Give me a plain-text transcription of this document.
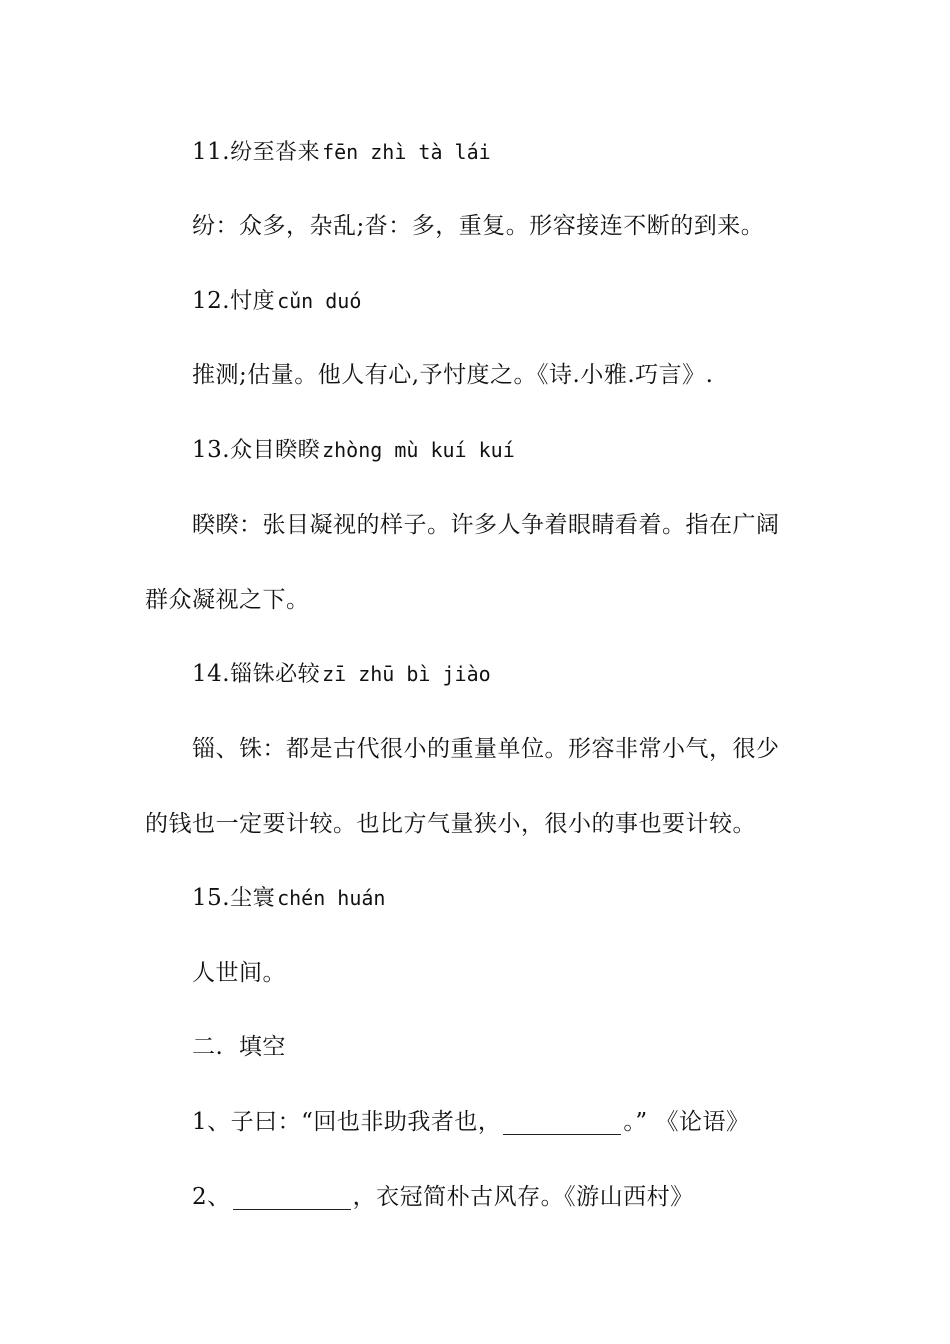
11.纷至沓来 fēn zhì tà lái
纷：众多，杂乱;沓：多，重复。形容接连不断的到来。
12.忖度 cǔn duó
推测;估量。他人有心,予忖度之。《诗.小雅.巧言》.
13.众目睽睽 zhòng mù kuí kuí
睽睽：张目凝视的样子。许多人争着眼睛看着。指在广阔
群众凝视之下。
14.锱铢必较 zī zhū bì jiào
锱、铢：都是古代很小的重量单位。形容非常小气，很少
的钱也一定要计较。也比方气量狭小，很小的事也要计较。
15.尘寰 chén huán
人世间。
二.  填空
1、子曰：“回也非助我者也，	。” 《论语》
2、	，衣冠简朴古风存。《游山西村》
